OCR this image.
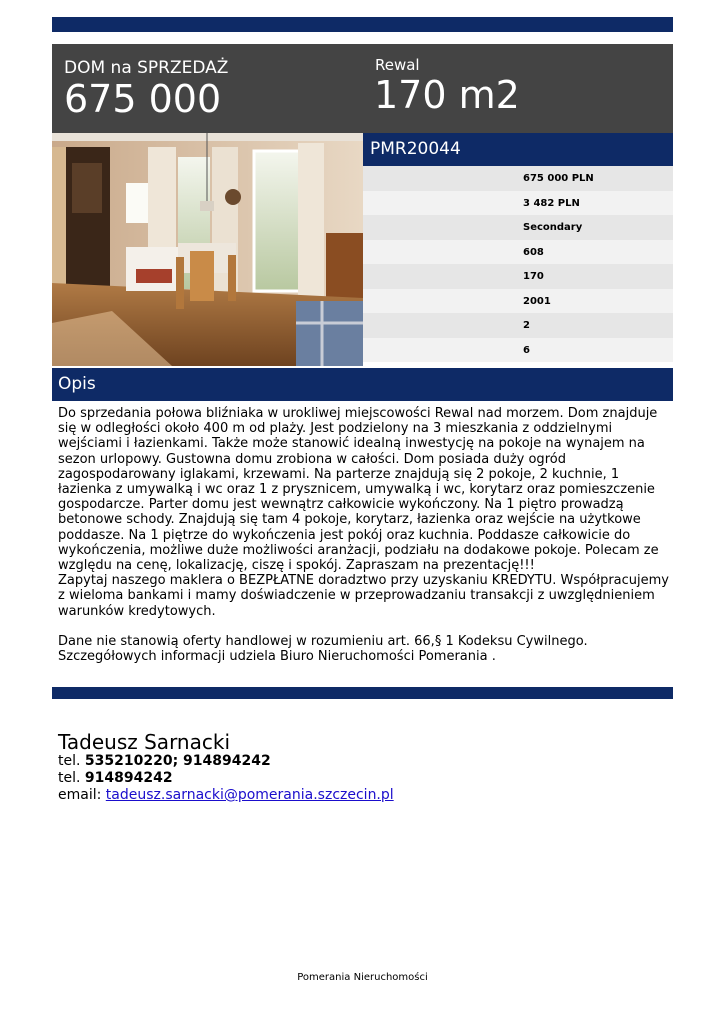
DOM na SPRZEDAŻ
675 000
Rewal
170 m2
PMR20044
675 000 PLN
3 482 PLN
Secondary
608
170
2001
2
6
Opis

Do sprzedania połowa bliźniaka w urokliwej miejscowości Rewal nad morzem. Dom znajduje się w odległości około 400 m od plaży. Jest podzielony na 3 mieszkania z oddzielnymi wejściami i łazienkami. Także może stanowić idealną inwestycję na pokoje na wynajem na sezon urlopowy. Gustowna domu zrobiona w całości. Dom posiada duży ogród zagospodarowany iglakami, krzewami. Na parterze znajdują się 2 pokoje, 2 kuchnie, 1 łazienka z umywalką i wc oraz 1 z prysznicem, umywalką i wc, korytarz oraz pomieszczenie gospodarcze. Parter domu jest wewnątrz całkowicie wykończony. Na 1 piętro prowadzą betonowe schody. Znajdują się tam 4 pokoje, korytarz, łazienka oraz wejście na użytkowe poddasze. Na 1 piętrze do wykończenia jest pokój oraz kuchnia. Poddasze całkowicie do wykończenia, możliwe duże możliwości aranżacji, podziału na dodakowe pokoje. Polecam ze względu na cenę, lokalizację, ciszę i spokój. Zapraszam na prezentację!!!
Zapytaj naszego maklera o BEZPŁATNE doradztwo przy uzyskaniu KREDYTU. Współpracujemy z wieloma bankami i mamy doświadczenie w przeprowadzaniu transakcji z uwzględnieniem warunków kredytowych.

Dane nie stanowią oferty handlowej w rozumieniu art. 66,§ 1 Kodeksu Cywilnego. Szczegółowych informacji udziela Biuro Nieruchomości Pomerania .

Tadeusz Sarnacki
tel. 535210220; 914894242
tel. 914894242
email: tadeusz.sarnacki@pomerania.szczecin.pl
Pomerania Nieruchomości
